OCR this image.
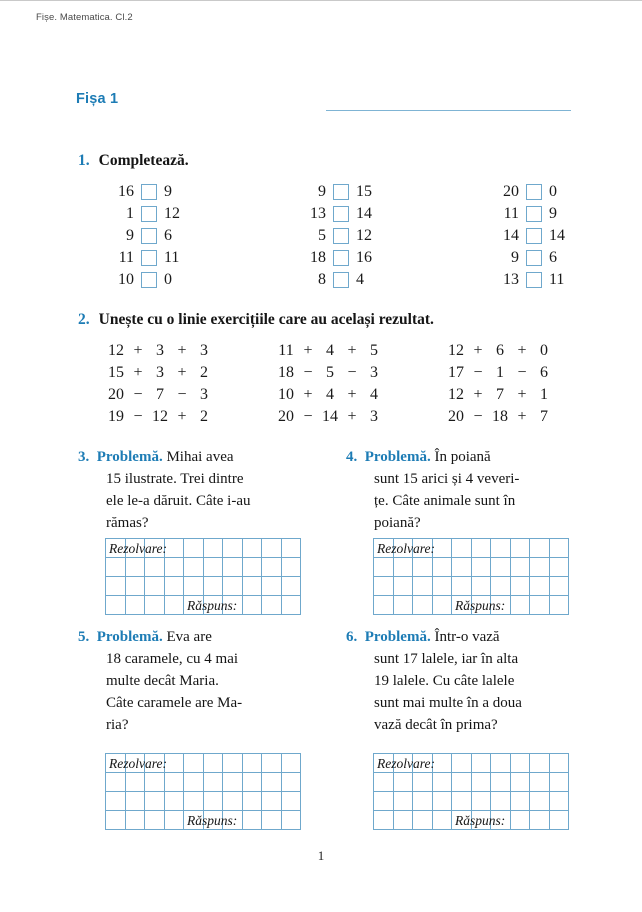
Fișe. Matematica. Cl.2
Fișa 1
1. Completează.
16 9
1 12
9 6
11 11
10 0
9 15
13 14
5 12
18 16
8 4
20 0
11 9
14 14
9 6
13 11
2. Unește cu o linie exercițiile care au același rezultat.
12 + 3 + 3
15 + 3 + 2
20 − 7 − 3
19 − 12 + 2
11 + 4 + 5
18 − 5 − 3
10 + 4 + 4
20 − 14 + 3
12 + 6 + 0
17 − 1 − 6
12 + 7 + 1
20 − 18 + 7
3. Problemă. Mihai avea
15 ilustrate. Trei dintre
ele le-a dăruit. Câte i-au
rămas?
Rezolvare:
Răspuns:
4. Problemă. În poiană
sunt 15 arici și 4 veveri-
țe. Câte animale sunt în
poiană?
Rezolvare:
Răspuns:
5. Problemă. Eva are
18 caramele, cu 4 mai
multe decât Maria.
Câte caramele are Ma-
ria?
Rezolvare:
Răspuns:
6. Problemă. Într-o vază
sunt 17 lalele, iar în alta
19 lalele. Cu câte lalele
sunt mai multe în a doua
vază decât în prima?
Rezolvare:
Răspuns:
1
